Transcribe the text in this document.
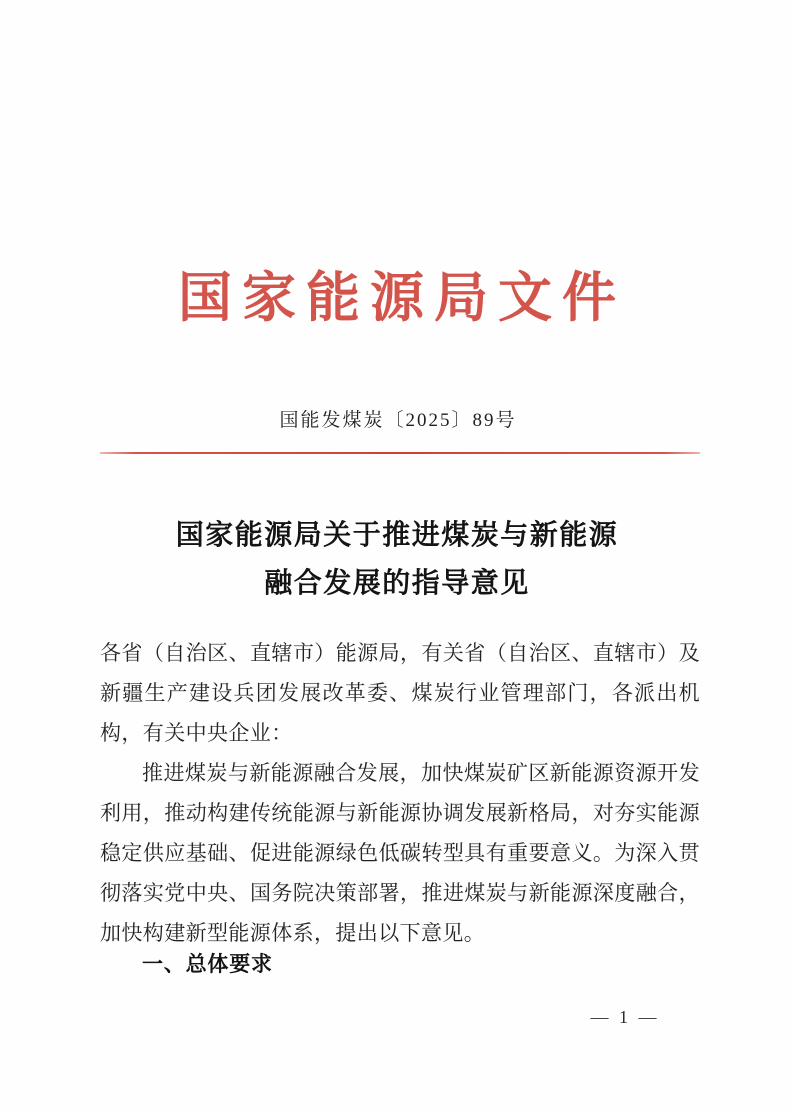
国家能源局文件
国能发煤炭〔2025〕89号
国家能源局关于推进煤炭与新能源
融合发展的指导意见

各省（自治区、直辖市）能源局，有关省（自治区、直辖市）及新疆生产建设兵团发展改革委、煤炭行业管理部门，各派出机构，有关中央企业：

推进煤炭与新能源融合发展，加快煤炭矿区新能源资源开发利用，推动构建传统能源与新能源协调发展新格局，对夯实能源稳定供应基础、促进能源绿色低碳转型具有重要意义。为深入贯彻落实党中央、国务院决策部署，推进煤炭与新能源深度融合，加快构建新型能源体系，提出以下意见。

一、总体要求
— 1 —
